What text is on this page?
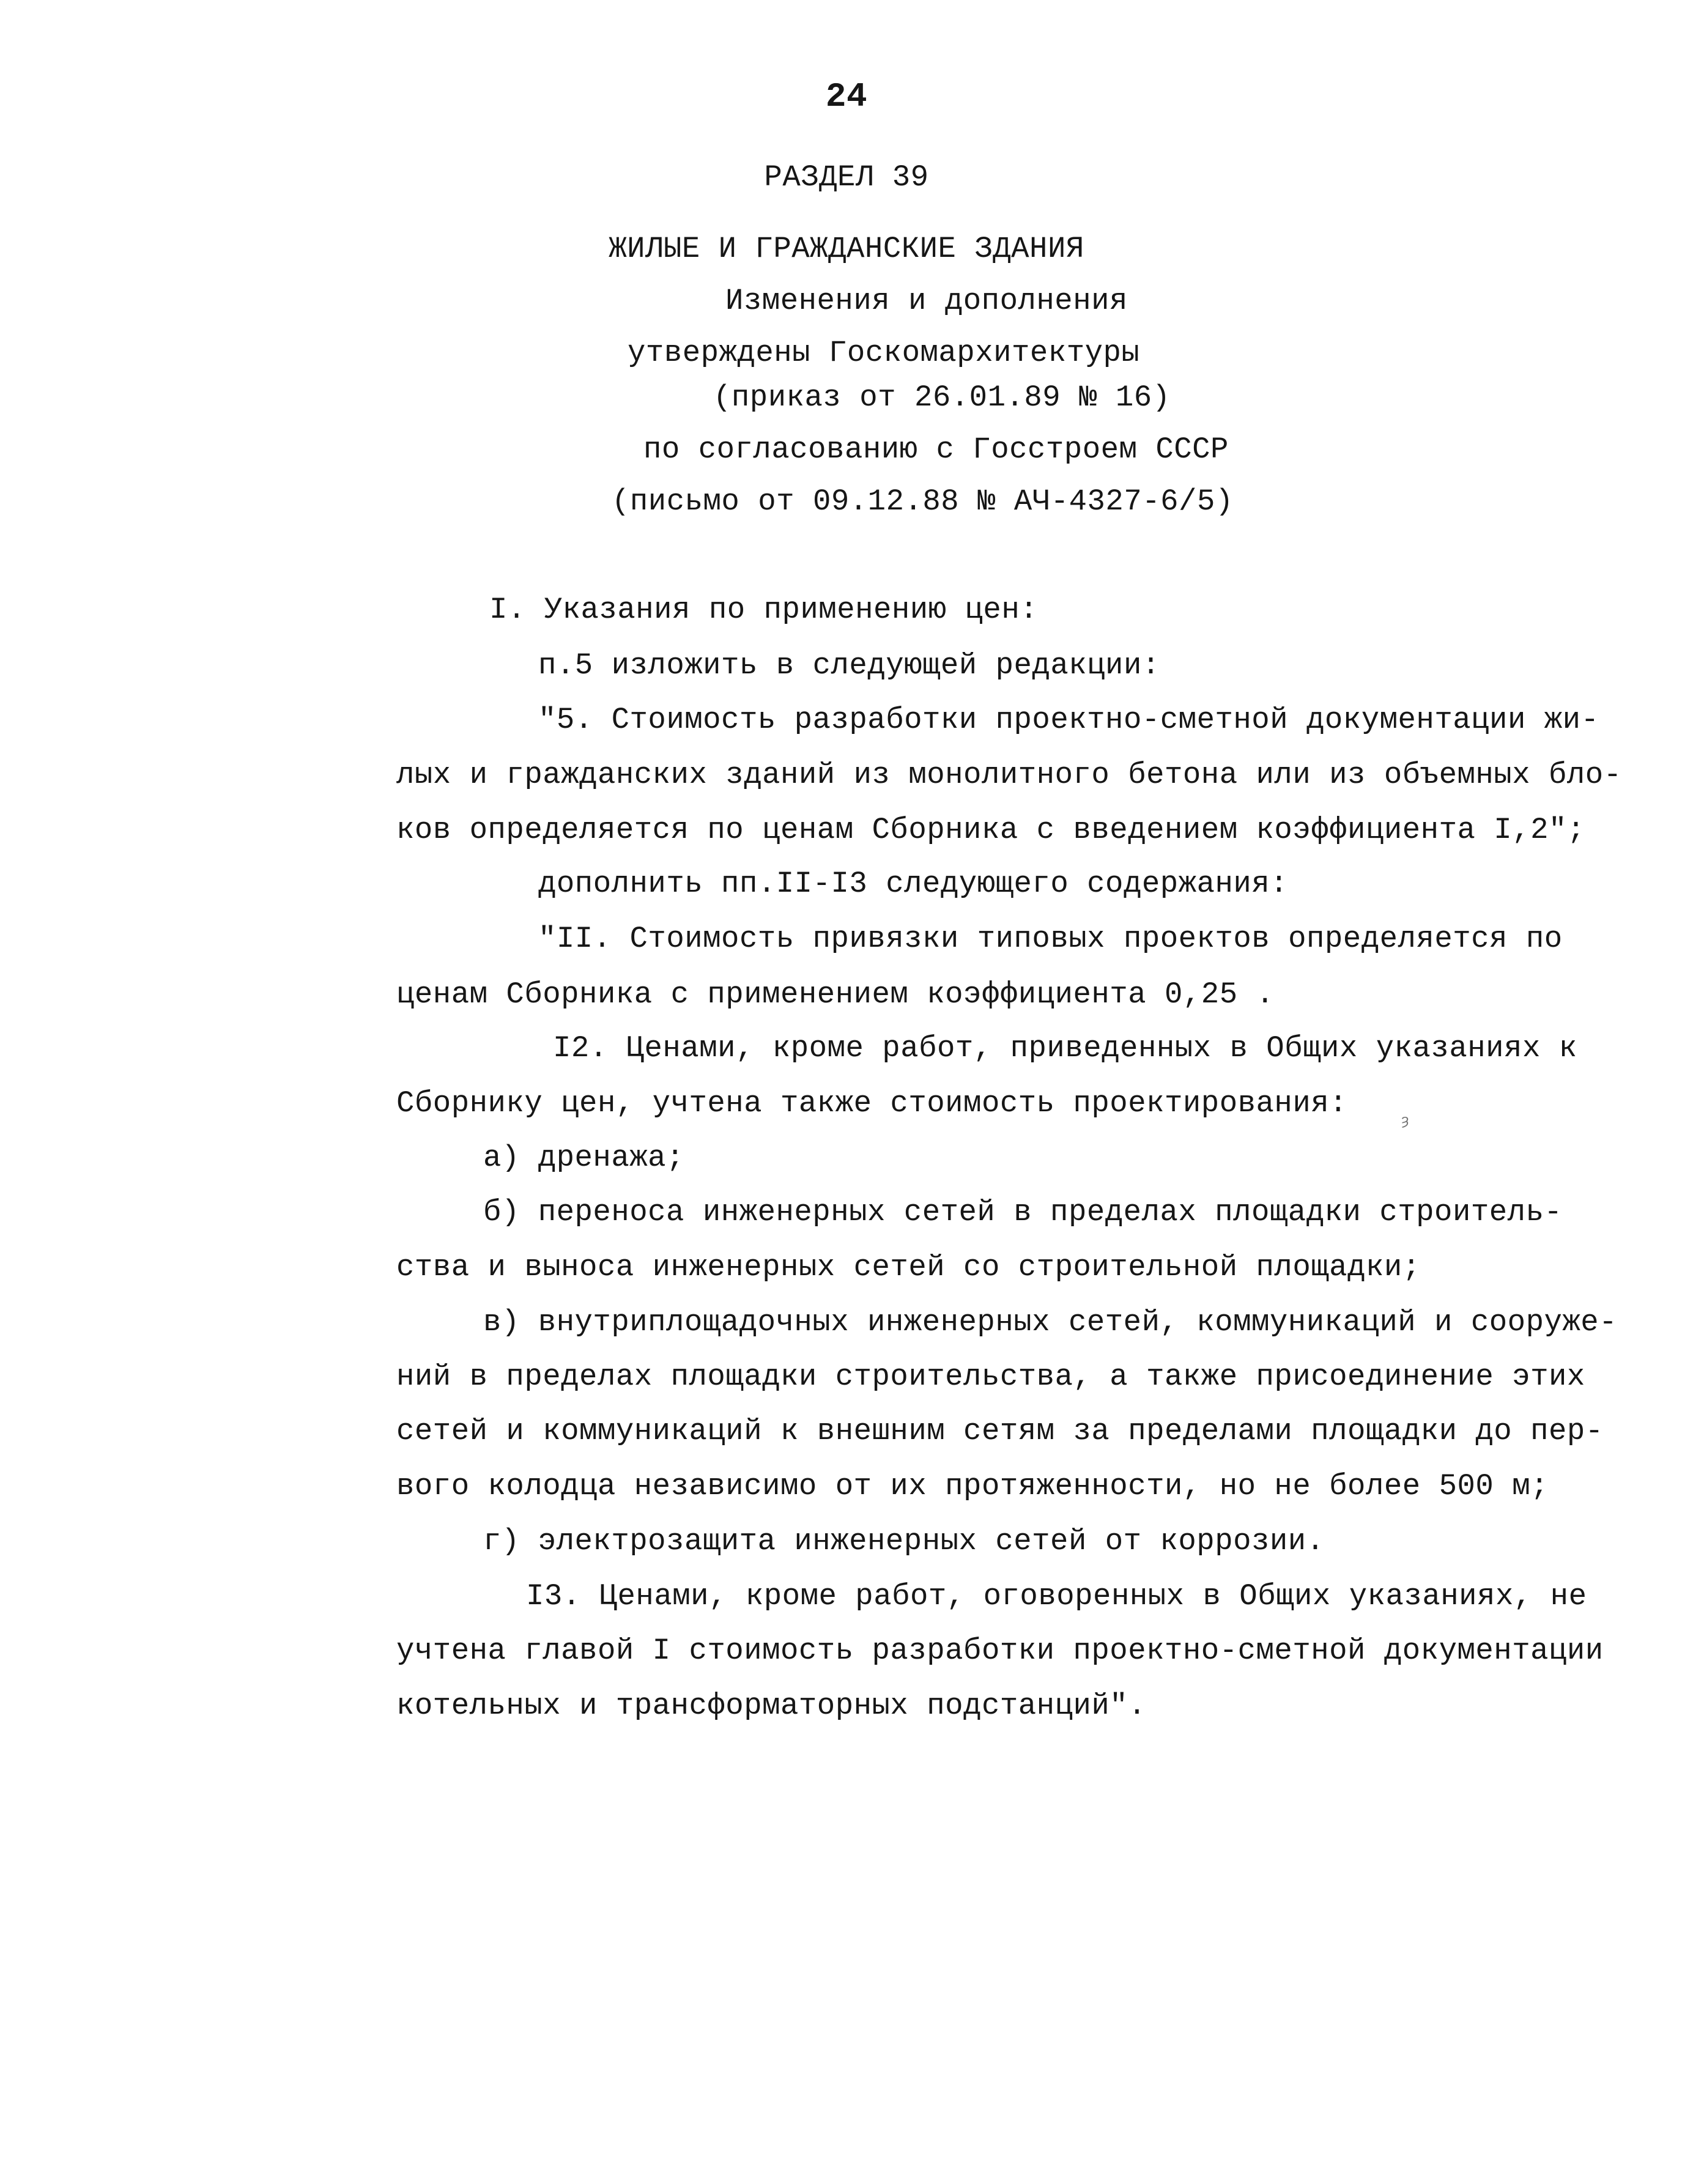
24
РАЗДЕЛ 39
ЖИЛЫЕ И ГРАЖДАНСКИЕ ЗДАНИЯ
Изменения и дополнения
утверждены Госкомархитектуры
(приказ от 26.01.89 № 16)
по согласованию с Госстроем СССР
(письмо от 09.12.88 № АЧ-4327-6/5)
I. Указания по применению цен:
п.5 изложить в следующей редакции:
"5. Стоимость разработки проектно-сметной документации жи-
лых и гражданских зданий из монолитного бетона или из объемных бло-
ков определяется по ценам Сборника с введением коэффициента I,2";
дополнить пп.II-I3 следующего содержания:
"II. Стоимость привязки типовых проектов определяется по
ценам Сборника с применением коэффициента 0,25 .
I2. Ценами, кроме работ, приведенных в Общих указаниях к
Сборнику цен, учтена также стоимость проектирования:
ȝ
а) дренажа;
б) переноса инженерных сетей в пределах площадки строитель-
ства и выноса инженерных сетей со строительной площадки;
в) внутриплощадочных инженерных сетей, коммуникаций и сооруже-
ний в пределах площадки строительства, а также присоединение этих
сетей и коммуникаций к внешним сетям за пределами площадки до пер-
вого колодца независимо от их протяженности, но не более 500 м;
г) электрозащита инженерных сетей от коррозии.
I3. Ценами, кроме работ, оговоренных в Общих указаниях, не
учтена главой I стоимость разработки проектно-сметной документации
котельных и трансформаторных подстанций".
